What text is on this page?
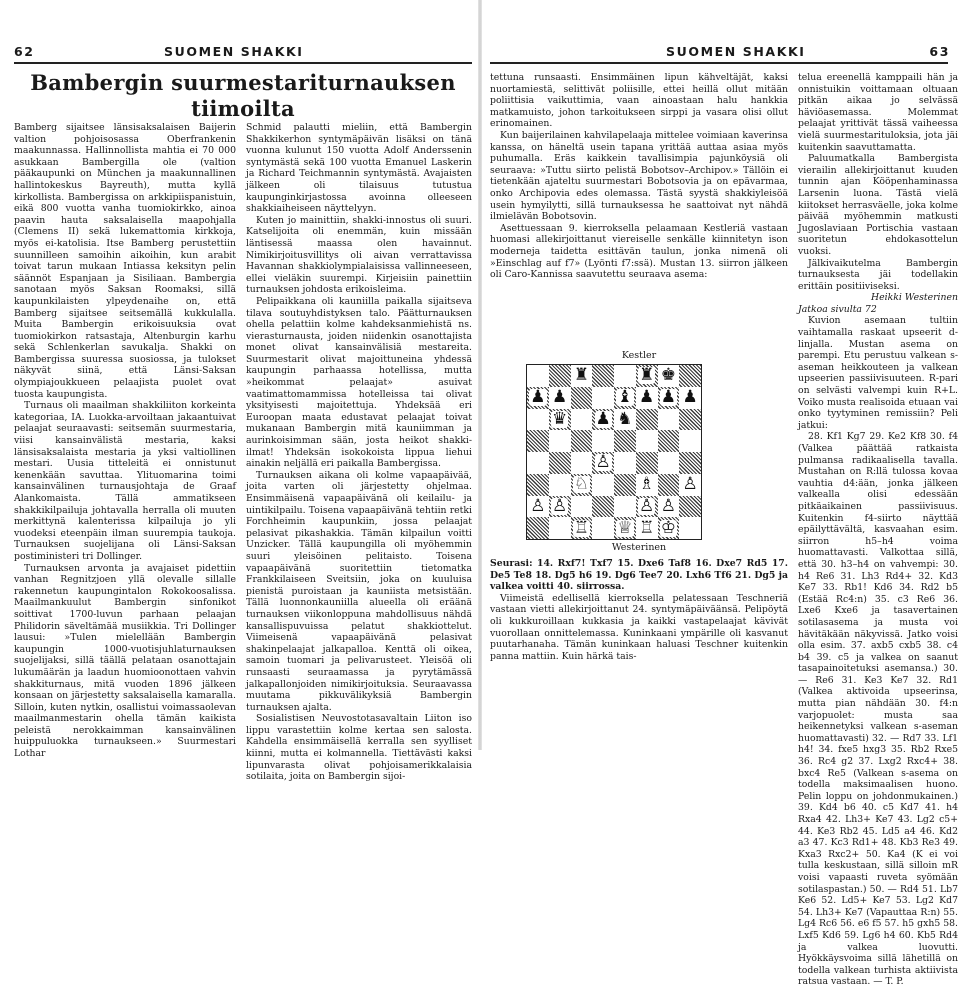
62	SUOMEN SHAKKI
Bambergin suurmestariturnauksen
tiimoilta

Bamberg sijaitsee länsisaksalaisen Baijerin valtion pohjoisosassa Oberfrankenin maakunnassa. Hallinnollista mahtia ei 70 000 asukkaan Bambergilla ole (valtion pääkaupunki on München ja maakunnallinen hallintokeskus Bayreuth), mutta kyllä kirkollista. Bambergissa on arkkipiispanistuin, eikä 800 vuotta vanha tuomiokirkko, ainoa paavin hauta saksalaisella maapohjalla (Clemens II) sekä lukemattomia kirkkoja, myös ei-katolisia. Itse Bamberg perustettiin suunnilleen samoihin aikoihin, kun arabit toivat tarun mukaan Intiassa keksityn pelin säännöt Espanjaan ja Sisiliaan. Bambergia sanotaan myös Saksan Roomaksi, sillä kaupunkilaisten ylpeydenaihe on, että Bamberg sijaitsee seitsemällä kukkulalla. Muita Bambergin erikoisuuksia ovat tuomiokirkon ratsastaja, Altenburgin karhu sekä Schlenkerlan savukalja. Shakki on Bambergissa suuressa suosiossa, ja tulokset näkyvät siinä, että Länsi-Saksan olympiajoukkueen pelaajista puolet ovat tuosta kaupungista.

Turnaus oli maailman shakkiliiton korkeinta kategoriaa, IA. Luokka-arvoiltaan jakaantuivat pelaajat seuraavasti: seitsemän suurmestaria, viisi kansainvälistä mestaria, kaksi länsisaksalaista mestaria ja yksi valtiollinen mestari. Uusia titteleitä ei onnistunut kenenkään savuttaa. Ylituomarina toimi kansainvälinen turnausjohtaja de Graaf Alankomaista. Tällä ammatikseen shakkikilpailuja johtavalla herralla oli muuten merkittynä kalenterissa kilpailuja jo yli vuodeksi eteenpäin ilman suurempia taukoja. Turnauksen suojelijana oli Länsi-Saksan postiministeri tri Dollinger.

Turnauksen arvonta ja avajaiset pidettiin vanhan Regnitzjoen yllä olevalle sillalle rakennetun kaupungintalon Rokokoosalissa. Maailmankuulut Bambergin sinfonikot soittivat 1700-luvun parhaan pelaajan Philidorin säveltämää musiikkia. Tri Dollinger lausui: »Tulen mielellään Bambergin kaupungin 1000-vuotisjuhlaturnauksen suojelijaksi, sillä täällä pelataan osanottajain lukumäärän ja laadun huomioonottaen vahvin shakkiturnaus, mitä vuoden 1896 jälkeen konsaan on järjestetty saksalaisella kamaralla. Silloin, kuten nytkin, osallistui voimassaolevan maailmanmestarin ohella tämän kaikista peleistä nerokkaimman kansainvälinen huippuluokka turnaukseen.» Suurmestari Lothar

Schmid palautti mieliin, että Bambergin Shakkikerhon syntymäpäivän lisäksi on tänä vuonna kulunut 150 vuotta Adolf Anderssenin syntymästä sekä 100 vuotta Emanuel Laskerin ja Richard Teichmannin syntymästä. Avajaisten jälkeen oli tilaisuus tutustua kaupunginkirjastossa avoinna olleeseen shakkiaiheiseen näyttelyyn.

Kuten jo mainittiin, shakki-innostus oli suuri. Katselijoita oli enemmän, kuin missään läntisessä maassa olen havainnut. Nimikirjoitusvillitys oli aivan verrattavissa Havannan shakkiolympialaisissa vallinneeseen, ellei vieläkin suurempi. Kirjeisiin painettiin turnauksen johdosta erikoisleima.

Pelipaikkana oli kauniilla paikalla sijaitseva tilava soutuyhdistyksen talo. Päätturnauksen ohella pelattiin kolme kahdeksanmiehistä ns. vierasturnausta, joiden niidenkin osanottajista monet olivat kansainvälisiä mestareita. Suurmestarit olivat majoittuneina yhdessä kaupungin parhaassa hotellissa, mutta »heikommat pelaajat» asuivat vaatimattomammissa hotelleissa tai olivat yksityisesti majoitettuja. Yhdeksää eri Euroopan maata edustavat pelaajat toivat mukanaan Bambergin mitä kauniimman ja aurinkoisimman sään, josta heikot shakki-ilmat! Yhdeksän isokokoista lippua liehui ainakin neljällä eri paikalla Bambergissa.

Turnauksen aikana oli kolme vapaapäivää, joita varten oli järjestetty ohjelmaa. Ensimmäisenä vapaapäivänä oli keilailu- ja uintikilpailu. Toisena vapaapäivänä tehtiin retki Forchheimin kaupunkiin, jossa pelaajat pelasivat pikashakkia. Tämän kilpailun voitti Unzicker. Tällä kaupungilla oli myöhemmin suuri yleisöinen pelitaisto. Toisena vapaapäivänä suoritettiin tietomatka Frankkilaiseen Sveitsiin, joka on kuuluisa pienistä puroistaan ja kauniista metsistään. Tällä luonnonkauniilla alueella oli eräänä turnauksen viikonloppuna mahdollisuus nähdä kansallispuvuissa pelatut shakkiottelut. Viimeisenä vapaapäivänä pelasivat shakinpelaajat jalkapalloa. Kenttä oli oikea, samoin tuomari ja pelivarusteet. Yleisöä oli runsaasti seuraamassa ja pyrytämässä jalkapallonjoiden nimikirjoituksia. Seuraavassa muutama pikkuvälikyksiä Bambergin turnauksen ajalta.

Sosialistisen Neuvostotasavaltain Liiton iso lippu varastettiin kolme kertaa sen salosta. Kahdella ensimmäisellä kerralla sen syylliset kiinni, mutta ei kolmannella. Tiettävästi kaksi lipunvarasta olivat pohjoisamerikkalaisia sotilaita, joita on Bambergin sijoi-

SUOMEN SHAKKI	63

tettuna runsaasti. Ensimmäinen lipun kähveltäjät, kaksi nuortamiestä, selittivät poliisille, ettei heillä ollut mitään poliittisia vaikuttimia, vaan ainoastaan halu hankkia matkamuisto, johon tarkoitukseen sirppi ja vasara olisi ollut erinomainen.

Kun baijerilainen kahvilapelaaja mittelee voimiaan kaverinsa kanssa, on häneltä usein tapana yrittää auttaa asiaa myös puhumalla. Eräs kaikkein tavallisimpia pajunköysiä oli seuraava: »Tuttu siirto pelistä Bobotsov–Archipov.» Tällöin ei tietenkään ajateltu suurmestari Bobotsovia ja on epävarmaa, onko Archipovia edes olemassa. Tästä syystä shakkiyleisöä usein hymyilytti, sillä turnauksessa he saattoivat nyt nähdä ilmielävän Bobotsovin.

Asettuessaan 9. kierroksella pelaamaan Kestleriä vastaan huomasi allekirjoittanut viereiselle senkälle kiinnitetyn ison moderneja taidetta esittävän taulun, jonka nimenä oli »Einschlag auf f7» (Lyönti f7:ssä). Mustan 13. siirron jälkeen oli Caro-Kannissa saavutettu seuraava asema:

Kestler
♜	♜ ♚
♟ ♟	♝ ♟ ♟ ♟
♛ ♟ ♞
♙
♘	♗ ♙
♙ ♙	♙ ♙
♖ ♕ ♖ ♔
Westerinen

Seurasi: 14. Rxf7! Txf7 15. Dxe6 Taf8 16. Dxe7 Rd5 17. De5 Te8 18. Dg5 h6 19. Dg6 Tee7 20. Lxh6 Tf6 21. Dg5 ja valkea voitti 40. siirrossa.

Viimeistä edellisellä kierroksella pelatessaan Teschneriä vastaan vietti allekirjoittanut 24. syntymäpäiväänsä. Pelipöytä oli kukkuroillaan kukkasia ja kaikki vastapelaajat kävivät vuorollaan onnittelemassa. Kuninkaani ympärille oli kasvanut puutarhanaha. Tämän kuninkaan haluasi Teschner kuitenkin panna mattiin. Kuin härkä tais-

telua ereenellä kamppaili hän ja onnistuikin voittamaan oltuaan pitkän aikaa jo selvässä häviöasemassa. Molemmat pelaajat yrittivät tässä vaiheessa vielä suurmestarituloksia, jota jäi kuitenkin saavuttamatta.

Paluumatkalla Bambergista vierailin allekirjoittanut kuuden tunnin ajan Kööpenhaminassa Larsenin luona. Tästä vielä kiitokset herrasväelle, joka kolme päivää myöhemmin matkusti Jugoslaviaan Portischia vastaan suoritetun ehdokasottelun vuoksi.

Jälkivaikutelma Bambergin turnauksesta jäi todellakin erittäin positiiviseksi.

Heikki Westerinen

Jatkoa sivulta 72

Kuvion asemaan tultiin vaihtamalla raskaat upseerit d-linjalla. Mustan asema on parempi. Etu perustuu valkean s-aseman heikkouteen ja valkean upseerien passiivisuuteen. R-pari on selvästi valvempi kuin R+L. Voiko musta realisoida etuaan vai onko tyytyminen remissiin? Peli jatkui:

28. Kf1 Kg7 29. Ke2 Kf8 30. f4 (Valkea päättää ratkaista pulmansa radikaalisella tavalla. Mustahan on R:llä tulossa kovaa vauhtia d4:ään, jonka jälkeen valkealla olisi edessään pitkäaikainen passiivisuus. Kuitenkin f4-siirto näyttää epäilyttävältä, kasvaahan esim. siirron h5–h4 voima huomattavasti. Valkottaa sillä, että 30. h3–h4 on vahvempi: 30. h4 Re6 31. Lh3 Rd4+ 32. Kd3 Ke7 33. Rb1! Kd6 34. Rd2 b5 (Estää Rc4:n) 35. c3 Re6 36. Lxe6 Kxe6 ja tasavertainen sotilasasema ja musta voi hävitäkään näkyvissä. Jatko voisi olla esim. 37. axb5 cxb5 38. c4 b4 39. c5 ja valkea on saanut tasapainoitetuksi asemansa.) 30. — Re6 31. Ke3 Ke7 32. Rd1 (Valkea aktivoida upseerinsa, mutta pian nähdään 30. f4:n varjopuolet: musta saa heikennetyksi valkean s-aseman huomattavasti) 32. — Rd7 33. Lf1 h4! 34. fxe5 hxg3 35. Rb2 Rxe5 36. Rc4 g2 37. Lxg2 Rxc4+ 38. bxc4 Re5 (Valkean s-asema on todella maksimaalisen huono. Pelin loppu on johdonmukainen.) 39. Kd4 b6 40. c5 Kd7 41. h4 Rxa4 42. Lh3+ Ke7 43. Lg2 c5+ 44. Ke3 Rb2 45. Ld5 a4 46. Kd2 a3 47. Kc3 Rd1+ 48. Kb3 Re3 49. Kxa3 Rxc2+ 50. Ka4 (K ei voi tulla keskustaan, sillä silloin mR voisi vapaasti ruveta syömään sotilaspastan.) 50. — Rd4 51. Lb7 Ke6 52. Ld5+ Ke7 53. Lg2 Kd7 54. Lh3+ Ke7 (Vapauttaa R:n) 55. Lg4 Rc6 56. e6 f5 57. h5 gxh5 58. Lxf5 Kd6 59. Lg6 h4 60. Kb5 Rd4 ja valkea luovutti. Hyökkäysvoima sillä lähetillä on todella valkean turhista aktiivista ratsua vastaan. — T. P.
